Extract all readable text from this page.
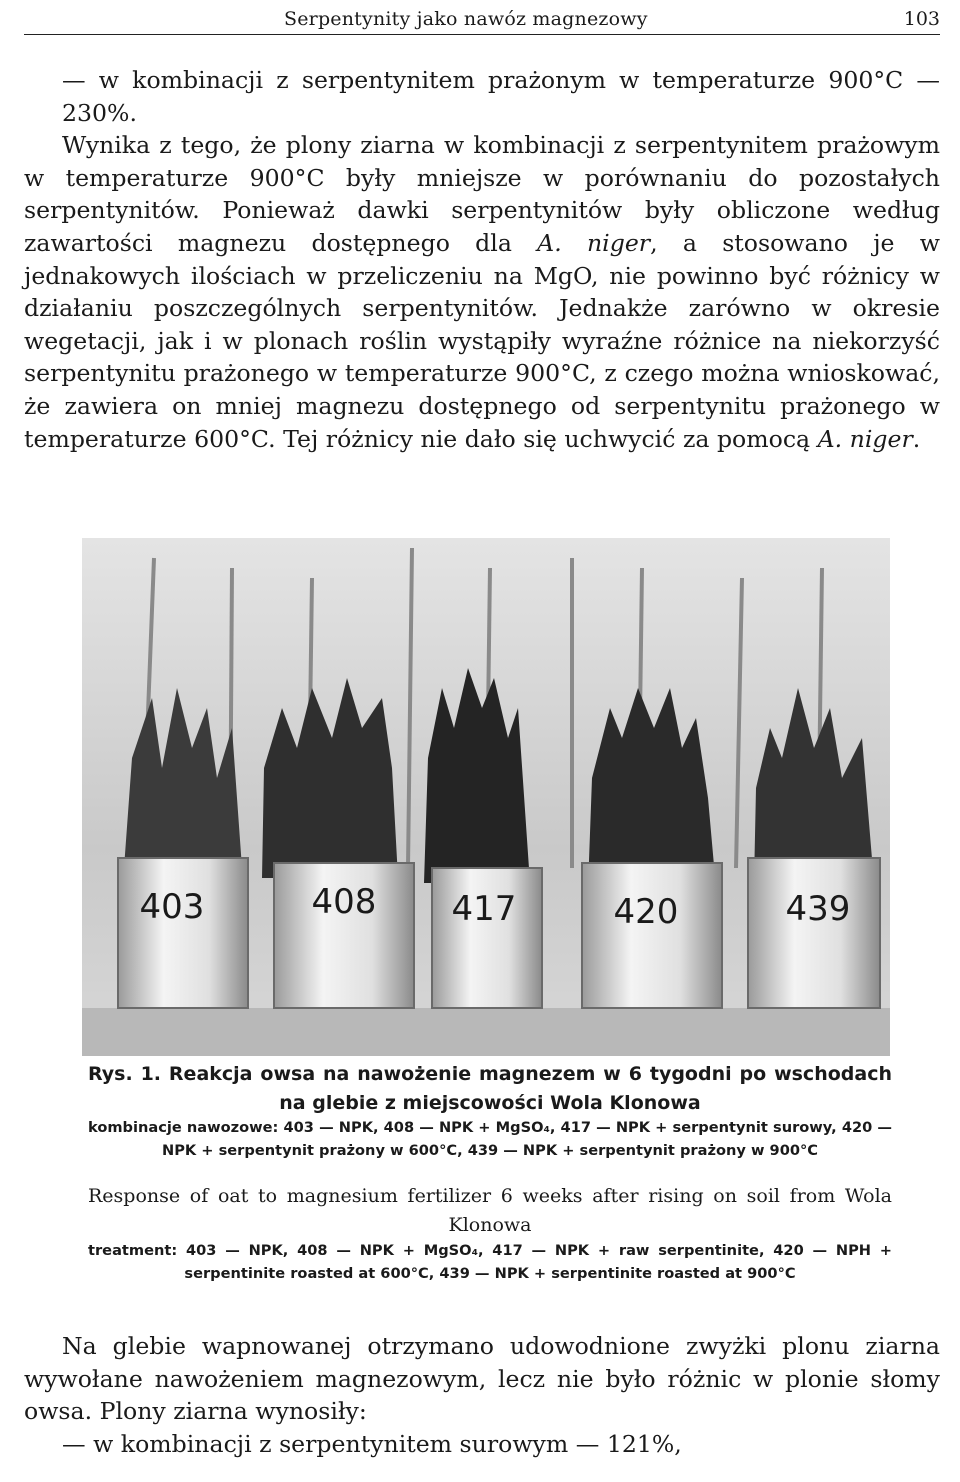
Serpentynity jako nawóz magnezowy	103

— w kombinacji z serpentynitem prażonym w temperaturze 900°C — 230%.

Wynika z tego, że plony ziarna w kombinacji z serpentynitem prażowym w temperaturze 900°C były mniejsze w porównaniu do pozostałych serpentynitów. Ponieważ dawki serpentynitów były obliczone według zawartości magnezu dostępnego dla A. niger, a stosowano je w jednakowych ilościach w przeliczeniu na MgO, nie powinno być różnicy w działaniu poszczególnych serpentynitów. Jednakże zarówno w okresie wegetacji, jak i w plonach roślin wystąpiły wyraźne różnice na niekorzyść serpentynitu prażonego w temperaturze 900°C, z czego można wnioskować, że zawiera on mniej magnezu dostępnego od serpentynitu prażonego w temperaturze 600°C. Tej różnicy nie dało się uchwycić za pomocą A. niger.

403	408 417	420	439

Rys. 1. Reakcja owsa na nawożenie magnezem w 6 tygodni po wschodach na glebie z miejscowości Wola Klonowa

kombinacje nawozowe: 403 — NPK, 408 — NPK + MgSO₄, 417 — NPK + serpentynit surowy, 420 — NPK + serpentynit prażony w 600°C, 439 — NPK + serpentynit prażony w 900°C

Response of oat to magnesium fertilizer 6 weeks after rising on soil from Wola Klonowa

treatment: 403 — NPK, 408 — NPK + MgSO₄, 417 — NPK + raw serpentinite, 420 — NPH + serpentinite roasted at 600°C, 439 — NPK + serpentinite roasted at 900°C

Na glebie wapnowanej otrzymano udowodnione zwyżki plonu ziarna wywołane nawożeniem magnezowym, lecz nie było różnic w plonie słomy owsa. Plony ziarna wynosiły:

— w kombinacji z serpentynitem surowym — 121%,
